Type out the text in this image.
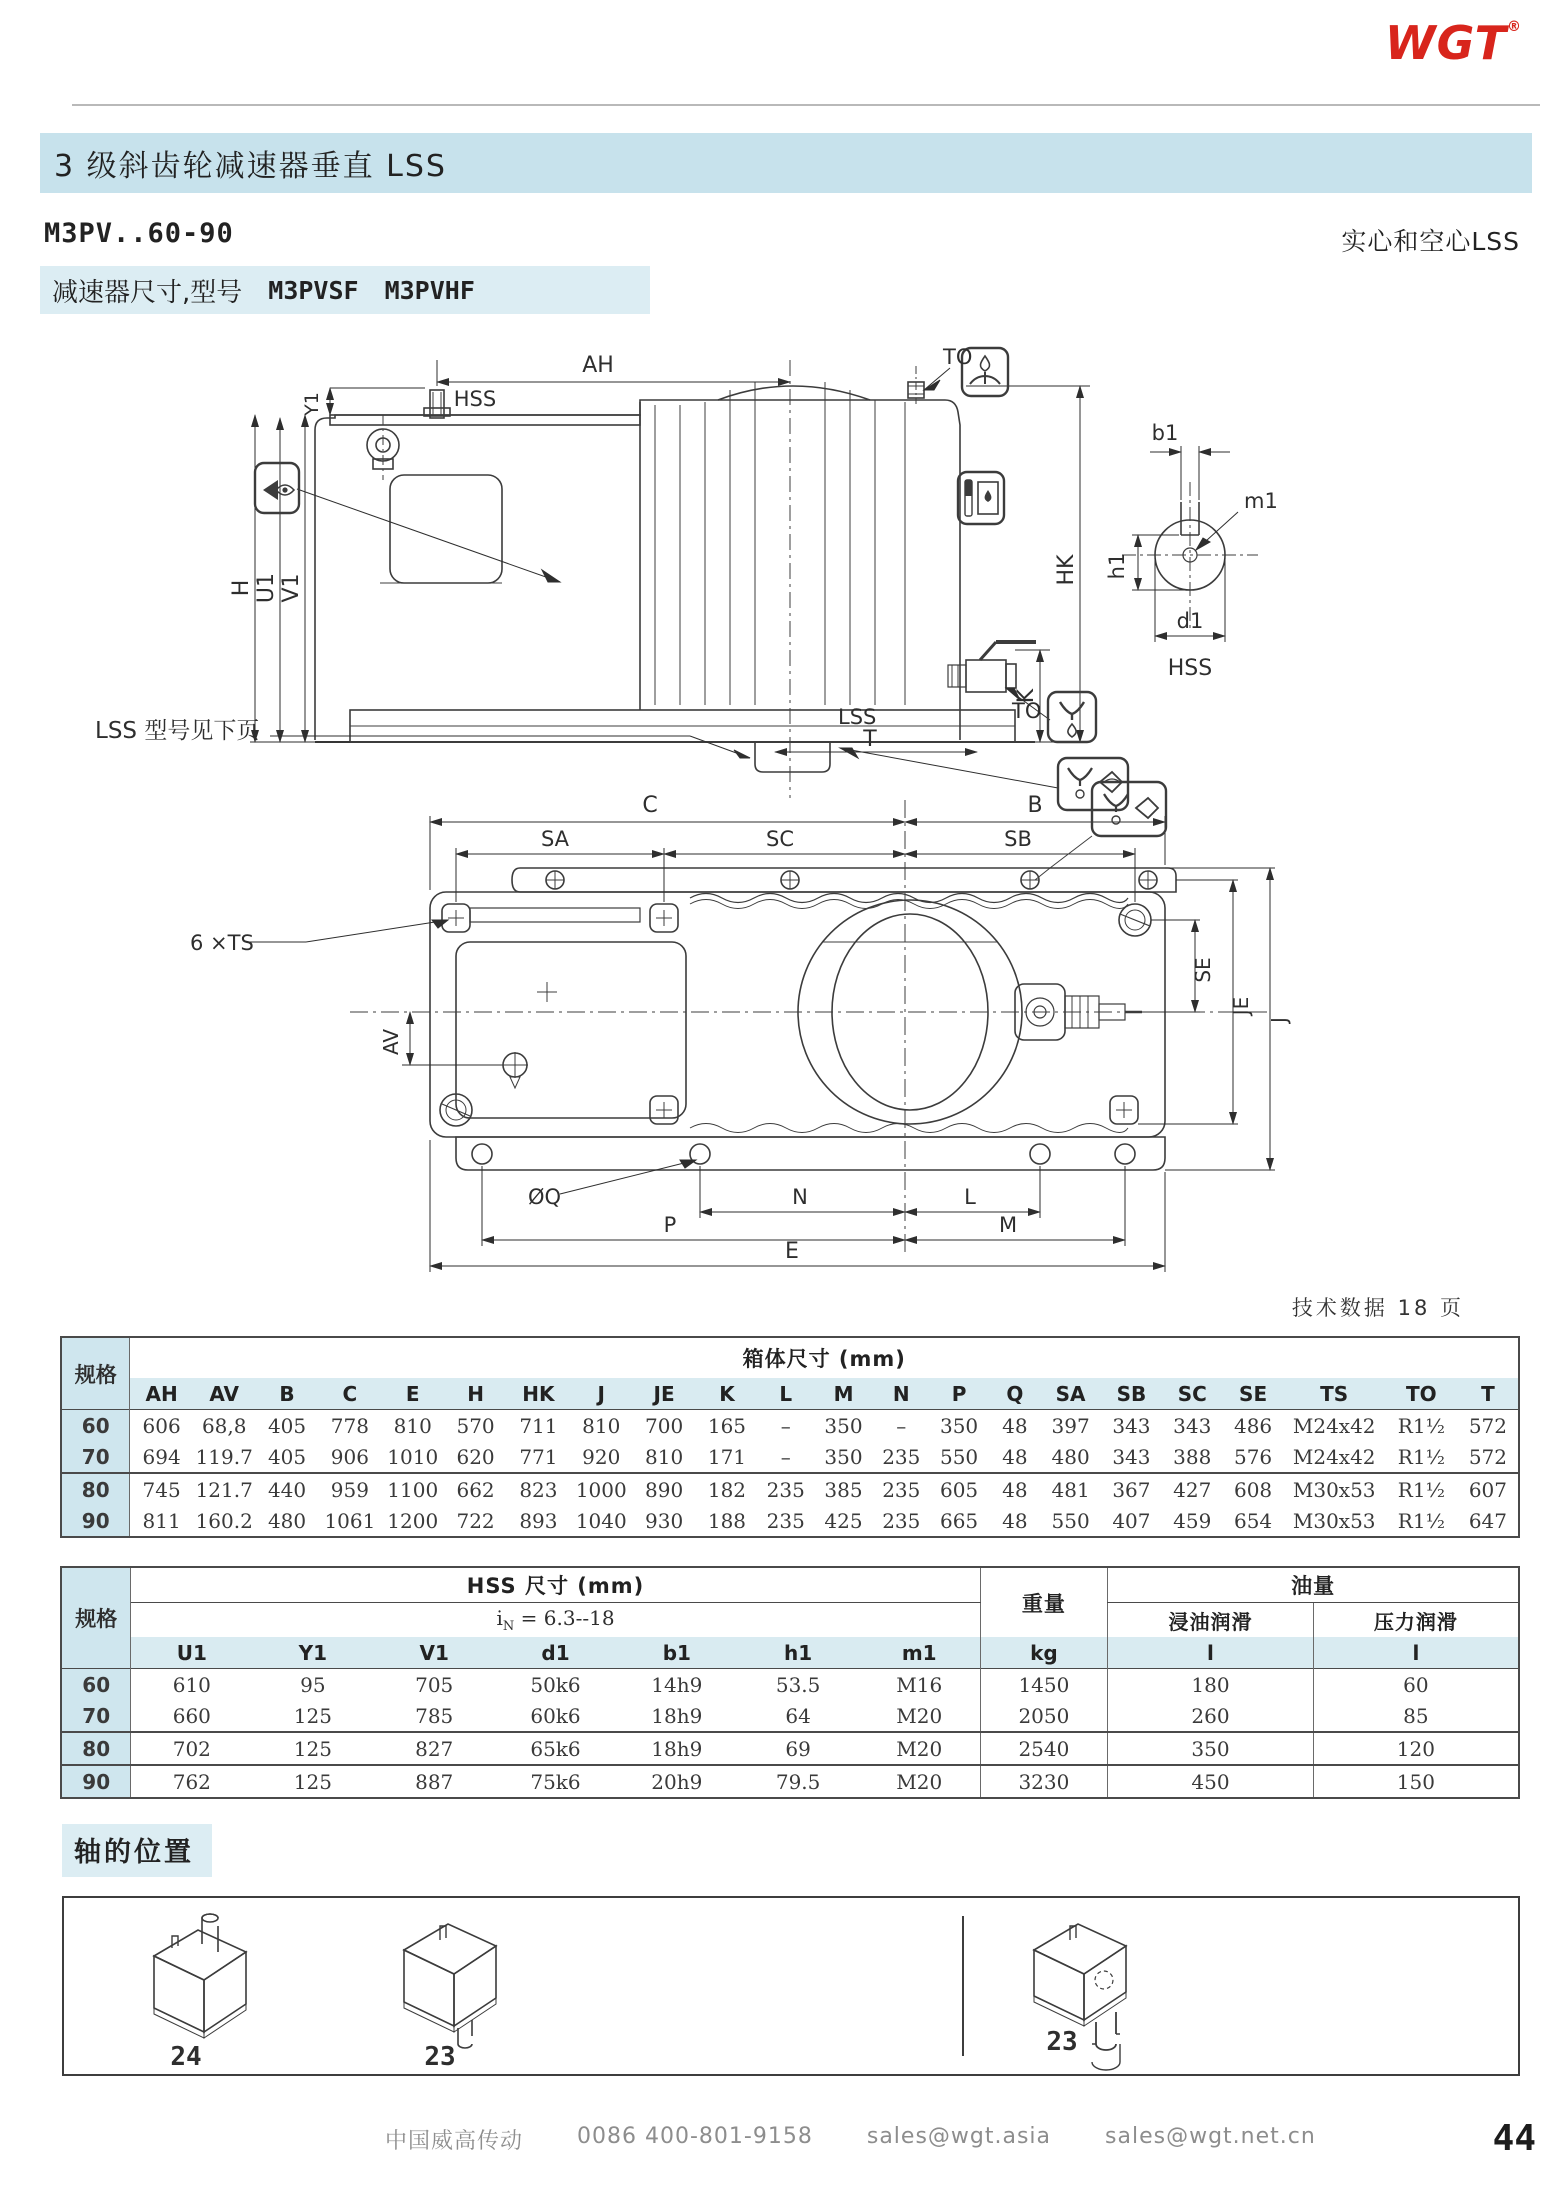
WGT®
3 级斜齿轮减速器垂直 LSS
M3PV..60-90	实心和空心LSS
减速器尺寸,型号 M3PVSF M3PVHF
AH
HSS
Y1
V1
U1
H
HK
K
TO
TO
LSS
T
LSS 型号见下页
b1
m1
h1
d1
HSS
C	B
SA	SC	SB
6 ×TS
AV
SE
JE
J
ØQ	N	L
P	M
E
技术数据 18 页
规格	箱体尺寸 (mm)																					
	AH	AV	B	C	E	H	HK	J	JE	K	L	M	N	P	Q	SA	SB	SC	SE	TS	TO	T
60	606	68,8	405	778	810	570	711	810	700	165	–	350	–	350	48	397	343	343	486	M24x42	R1½	572
70	694	119.7	405	906	1010	620	771	920	810	171	–	350	235	550	48	480	343	388	576	M24x42	R1½	572
80	745	121.7	440	959	1100	662	823	1000	890	182	235	385	235	605	48	481	367	427	608	M30x53	R1½	607
90	811	160.2	480	1061	1200	722	893	1040	930	188	235	425	235	665	48	550	407	459	654	M30x53	R1½	647
规格	HSS 尺寸 (mm)							重量	油量	
	$i_N = 6.3--18$								浸油润滑	压力润滑
	U1	Y1	V1	d1	b1	h1	m1	kg	l	l
60	610	95	705	50k6	14h9	53.5	M16	1450	180	60
70	660	125	785	60k6	18h9	64	M20	2050	260	85
80	702	125	827	65k6	18h9	69	M20	2540	350	120
90	762	125	887	75k6	20h9	79.5	M20	3230	450	150
轴的位置
24	23	23
中国威高传动 0086 400-801-9158 sales@wgt.asia sales@wgt.net.cn	44
